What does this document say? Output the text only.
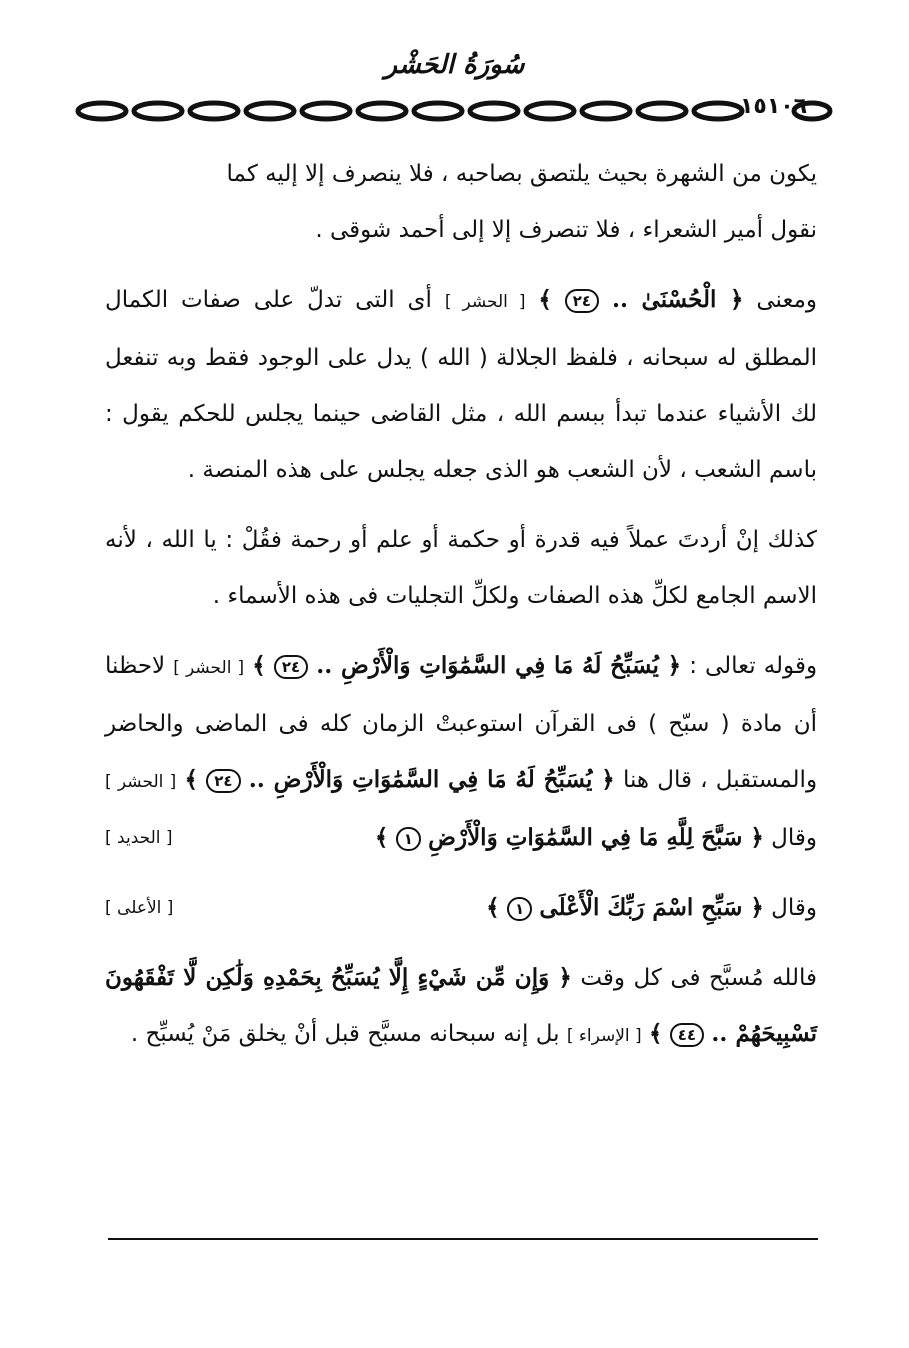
سُورَةُ الحَشْر
١٥١٠٦

يكون من الشهرة بحيث يلتصق بصاحبه ، فلا ينصرف إلا إليه كما
نقول أمير الشعراء ، فلا تنصرف إلا إلى أحمد شوقى .

ومعنى ﴿ الْحُسْنَىٰ .. ٢٤ ﴾ [ الحشر ] أى التى تدلّ على صفات الكمال المطلق له سبحانه ، فلفظ الجلالة ( الله ) يدل على الوجود فقط وبه تنفعل لك الأشياء عندما تبدأ ببسم الله ، مثل القاضى حينما يجلس للحكم يقول : باسم الشعب ، لأن الشعب هو الذى جعله يجلس على هذه المنصة .

كذلك إنْ أردتَ عملاً فيه قدرة أو حكمة أو علم أو رحمة فقُلْ : يا الله ، لأنه الاسم الجامع لكلِّ هذه الصفات ولكلِّ التجليات فى هذه الأسماء .

وقوله تعالى : ﴿ يُسَبِّحُ لَهُ مَا فِي السَّمَٰوَاتِ وَالْأَرْضِ .. ٢٤ ﴾ [ الحشر ] لاحظنا أن مادة ( سبّح ) فى القرآن استوعبتْ الزمان كله فى الماضى والحاضر والمستقبل ، قال هنا ﴿ يُسَبِّحُ لَهُ مَا فِي السَّمَٰوَاتِ وَالْأَرْضِ .. ٢٤ ﴾ [ الحشر ] وقال ﴿ سَبَّحَ لِلَّهِ مَا فِي السَّمَٰوَاتِ وَالْأَرْضِ ١ ﴾
[ الحديد ]

وقال ﴿ سَبِّحِ اسْمَ رَبِّكَ الْأَعْلَى ١ ﴾
[ الأعلى ]

فالله مُسبَّح فى كل وقت ﴿ وَإِن مِّن شَيْءٍ إِلَّا يُسَبِّحُ بِحَمْدِهِ وَلَٰكِن لَّا تَفْقَهُونَ تَسْبِيحَهُمْ .. ٤٤ ﴾ [ الإسراء ] بل إنه سبحانه مسبَّح قبل أنْ يخلق مَنْ يُسبِّح .
